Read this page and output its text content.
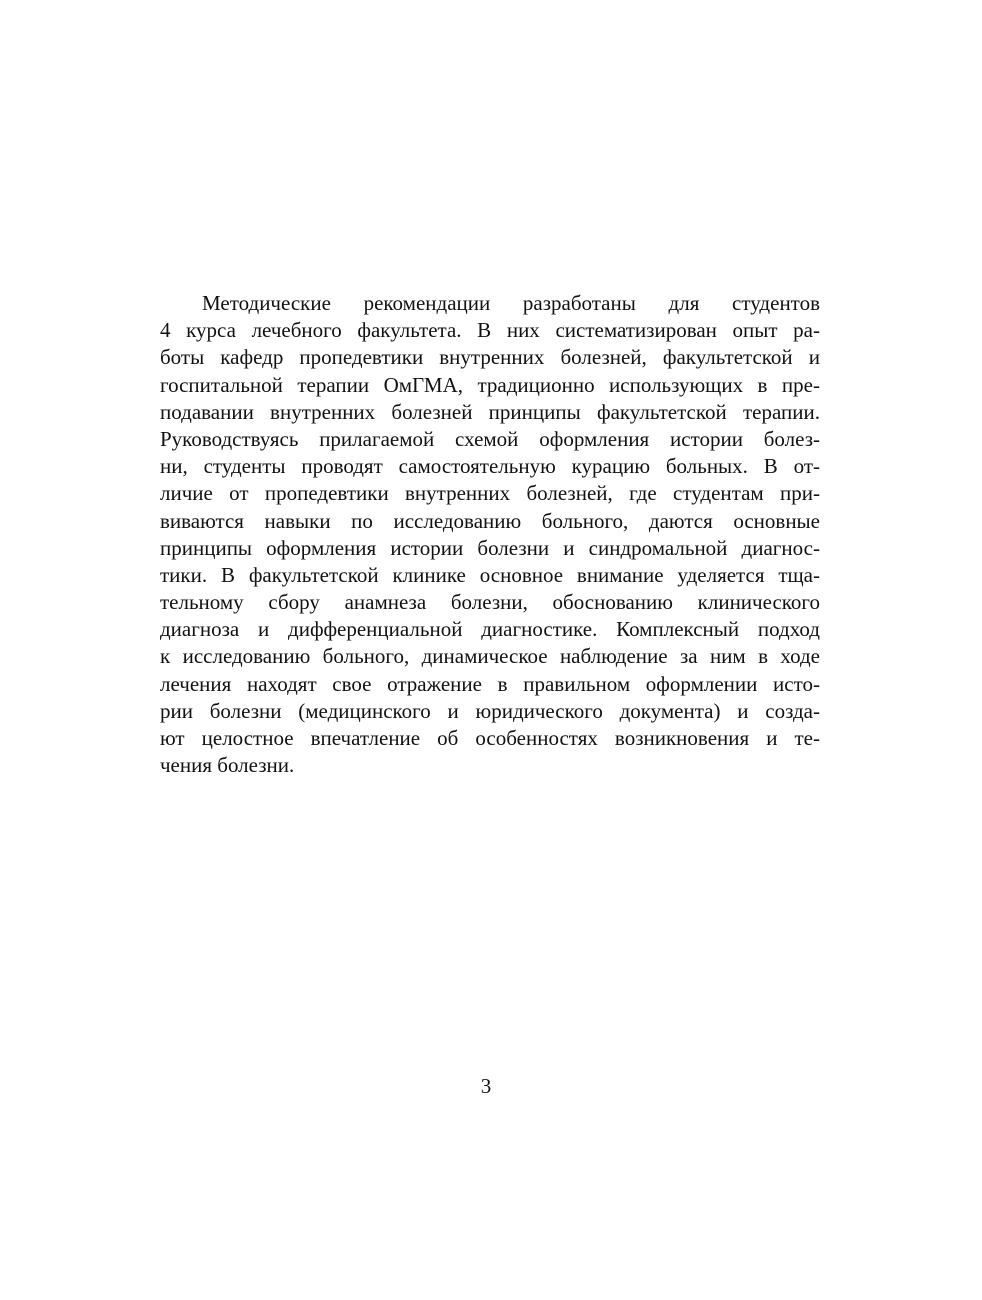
Методические рекомендации разработаны для студентов
4 курса лечебного факультета. В них систематизирован опыт ра-
боты кафедр пропедевтики внутренних болезней, факультетской и
госпитальной терапии ОмГМА, традиционно использующих в пре-
подавании внутренних болезней принципы факультетской терапии.
Руководствуясь прилагаемой схемой оформления истории болез-
ни, студенты проводят самостоятельную курацию больных. В от-
личие от пропедевтики внутренних болезней, где студентам при-
виваются навыки по исследованию больного, даются основные
принципы оформления истории болезни и синдромальной диагнос-
тики. В факультетской клинике основное внимание уделяется тща-
тельному сбору анамнеза болезни, обоснованию клинического
диагноза и дифференциальной диагностике. Комплексный подход
к исследованию больного, динамическое наблюдение за ним в ходе
лечения находят свое отражение в правильном оформлении исто-
рии болезни (медицинского и юридического документа) и созда-
ют целостное впечатление об особенностях возникновения и те-
чения болезни.
3
